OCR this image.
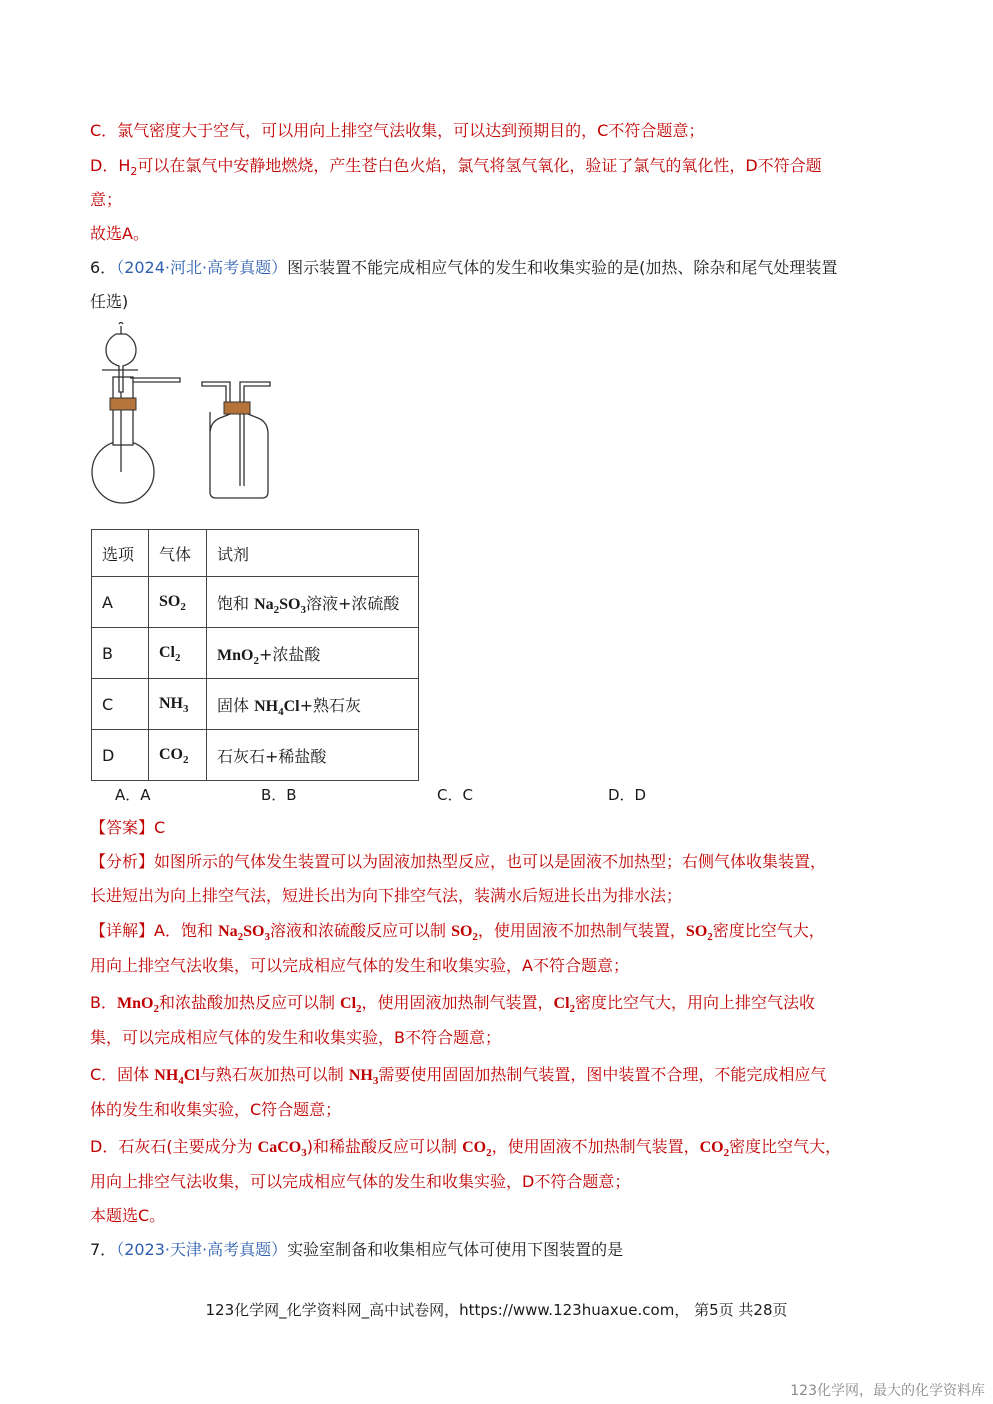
C．氯气密度大于空气，可以用向上排空气法收集，可以达到预期目的，C不符合题意；
D．$H_2$可以在氯气中安静地燃烧，产生苍白色火焰，氯气将氢气氧化，验证了氯气的氧化性，D不符合题
意；
故选A。
6．（2024·河北·高考真题）图示装置不能完成相应气体的发生和收集实验的是(加热、除杂和尾气处理装置
任选)
选项	气体	试剂
A	$SO_2$	饱和 $Na_2SO_3$溶液+浓硫酸
B	$Cl_2$	MnO$_2$+浓盐酸
C	$NH_3$	固体 $NH_4Cl+$熟石灰
D	$CO_2$	石灰石+稀盐酸
A．A	B．B	C．C	D．D
【答案】C
【分析】如图所示的气体发生装置可以为固液加热型反应，也可以是固液不加热型；右侧气体收集装置，
长进短出为向上排空气法，短进长出为向下排空气法，装满水后短进长出为排水法；
【详解】A．饱和 $Na_2SO_3$溶液和浓硫酸反应可以制 $SO_2$，使用固液不加热制气装置，$SO_2$密度比空气大，
用向上排空气法收集，可以完成相应气体的发生和收集实验，A不符合题意；
B．MnO$_2$和浓盐酸加热反应可以制 $Cl_2$，使用固液加热制气装置，$Cl_2$密度比空气大，用向上排空气法收
集，可以完成相应气体的发生和收集实验，B不符合题意；
C．固体 $NH_4Cl$与熟石灰加热可以制 $NH_3$需要使用固固加热制气装置，图中装置不合理，不能完成相应气
体的发生和收集实验，C符合题意；
D．石灰石(主要成分为 CaCO$_3$)和稀盐酸反应可以制 $CO_2$，使用固液不加热制气装置，$CO_2$密度比空气大，
用向上排空气法收集，可以完成相应气体的发生和收集实验，D不符合题意；
本题选C。
7．（2023·天津·高考真题）实验室制备和收集相应气体可使用下图装置的是
123化学网_化学资料网_高中试卷网，https://www.123huaxue.com， 第5页 共28页
123化学网，最大的化学资料库
